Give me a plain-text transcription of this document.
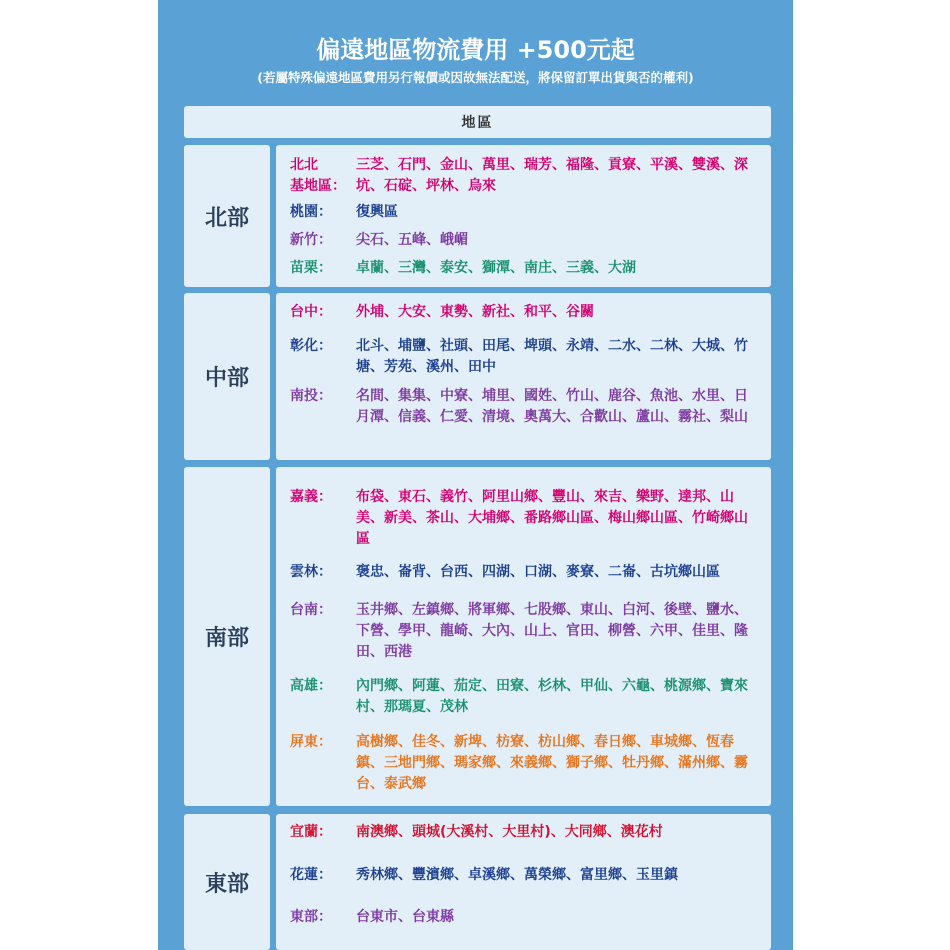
偏遠地區物流費用 +500元起
(若屬特殊偏遠地區費用另行報價或因故無法配送，將保留訂單出貨與否的權利)
地區
北部
北北
基地區：
三芝、石門、金山、萬里、瑞芳、福隆、貢寮、平溪、雙溪、深坑、石碇、坪林、烏來
桃園：	復興區
新竹：	尖石、五峰、峨嵋
苗栗：	卓蘭、三灣、泰安、獅潭、南庄、三義、大湖
中部
台中：	外埔、大安、東勢、新社、和平、谷關
彰化：	北斗、埔鹽、社頭、田尾、埤頭、永靖、二水、二林、大城、竹塘、芳苑、溪州、田中
南投：	名間、集集、中寮、埔里、國姓、竹山、鹿谷、魚池、水里、日月潭、信義、仁愛、清境、奧萬大、合歡山、蘆山、霧社、梨山
南部
嘉義：	布袋、東石、義竹、阿里山鄉、豐山、來吉、樂野、達邦、山美、新美、茶山、大埔鄉、番路鄉山區、梅山鄉山區、竹崎鄉山區
雲林：	褒忠、崙背、台西、四湖、口湖、麥寮、二崙、古坑鄉山區
台南：	玉井鄉、左鎮鄉、將軍鄉、七股鄉、東山、白河、後壁、鹽水、下營、學甲、龍崎、大內、山上、官田、柳營、六甲、佳里、隆田、西港
高雄：	內門鄉、阿蓮、茄定、田寮、杉林、甲仙、六龜、桃源鄉、寶來村、那瑪夏、茂林
屏東：	高樹鄉、佳冬、新埤、枋寮、枋山鄉、春日鄉、車城鄉、恆春鎮、三地門鄉、瑪家鄉、來義鄉、獅子鄉、牡丹鄉、滿州鄉、霧台、泰武鄉
東部
宜蘭：	南澳鄉、頭城(大溪村、大里村)、大同鄉、澳花村
花蓮：	秀林鄉、豐濱鄉、卓溪鄉、萬榮鄉、富里鄉、玉里鎮
東部：	台東市、台東縣
